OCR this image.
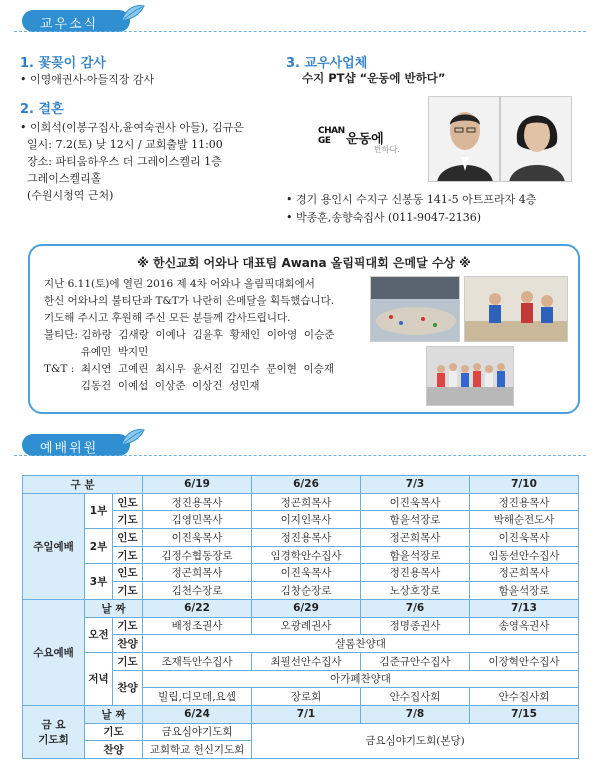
교우소식
1. 꽃꽂이 감사
• 이영애권사-아들직장 감사
2. 결혼
• 이희석(이봉구집사,윤여숙권사 아들), 김규은
일시: 7.2(토) 낮 12시 / 교회출발 11:00
장소: 파티움하우스 더 그레이스켈리 1층
그레이스켈리홀
(수원시청역 근처)
3. 교우사업체
수지 PT샵 “운동에 반하다”
CHANGE	운동에
반하다.
• 경기 용인시 수지구 신봉동 141-5 아트프라자 4층
• 박종훈,송향숙집사 (011-9047-2136)
※ 한신교회 어와나 대표팀 Awana 올림픽대회 은메달 수상 ※
지난 6.11(토)에 열린 2016 제 4차 어와나 올림픽대회에서
한신 어와나의 불티단과 T&T가 나란히 은메달을 획득했습니다.
기도해 주시고 후원해 주신 모든 분들께 감사드립니다.
불티단: 김하랑  김새랑  이예나  김윤후  황채인  이아영  이승준
유예민  박지민
T&T :  최시연  고예린  최시우  윤서진  김민수  문이현  이승재
김동건  이예섭  이상준  이상건  성민재
예배위원
구 분			6/19	6/26	7/3	7/10
주일예배	1부	인도	정진용목사	정곤희목사	이진욱목사	정진용목사
		기도	김영민목사	이지인목사	함윤석장로	박해순전도사
	2부	인도	이진욱목사	정진용목사	정곤희목사	이진욱목사
		기도	김정수협동장로	임경학안수집사	함윤석장로	임동선안수집사
	3부	인도	정곤희목사	이진욱목사	정진용목사	정곤희목사
		기도	김천수장로	김창순장로	노상호장로	함윤석장로
수요예배	날 짜		6/22	6/29	7/6	7/13
	오전	기도	배정조권사	오광례권사	정명종권사	송영옥권사
		찬양	샬롬찬양대			
	저녁	기도	조재득안수집사	최필선안수집사	김준규안수집사	이장혁안수집사
		찬양	아가페찬양대			
			빌립,디모데,요셉	장로회	안수집사회	안수집사회
금 요
기도회	날 짜		6/24	7/1	7/8	7/15
	기도		금요심야기도회	금요심야기도회(본당)		
	찬양		교회학교 헌신기도회			
